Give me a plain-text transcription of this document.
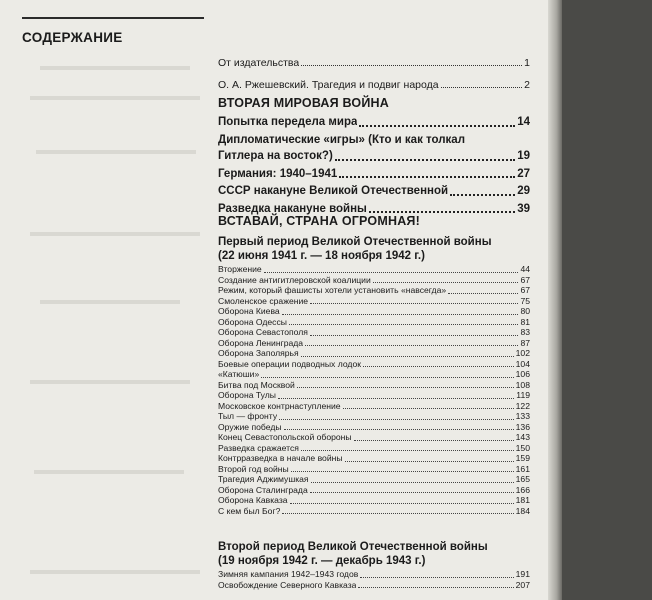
СОДЕРЖАНИЕ
От издательства	1
О. А. Ржешевский. Трагедия и подвиг народа	2
ВТОРАЯ МИРОВАЯ ВОЙНА
Попытка передела мира	14
Дипломатические «игры» (Кто и как толкал
Гитлера на восток?)	19
Германия: 1940–1941	27
СССР накануне Великой Отечественной	29
Разведка накануне войны	39
ВСТАВАЙ, СТРАНА ОГРОМНАЯ!
Первый период Великой Отечественной войны
(22 июня 1941 г. — 18 ноября 1942 г.)
Вторжение	44
Создание антигитлеровской коалиции	67
Режим, который фашисты хотели установить «навсегда»	67
Смоленское сражение	75
Оборона Киева	80
Оборона Одессы	81
Оборона Севастополя	83
Оборона Ленинграда	87
Оборона Заполярья	102
Боевые операции подводных лодок	104
«Катюши»	106
Битва под Москвой	108
Оборона Тулы	119
Московское контрнаступление	122
Тыл — фронту	133
Оружие победы	136
Конец Севастопольской обороны	143
Разведка сражается	150
Контрразведка в начале войны	159
Второй год войны	161
Трагедия Аджимушкая	165
Оборона Сталинграда	166
Оборона Кавказа	181
С кем был Бог?	184
Второй период Великой Отечественной войны
(19 ноября 1942 г. — декабрь 1943 г.)
Зимняя кампания 1942–1943 годов	191
Освобождение Северного Кавказа	207
